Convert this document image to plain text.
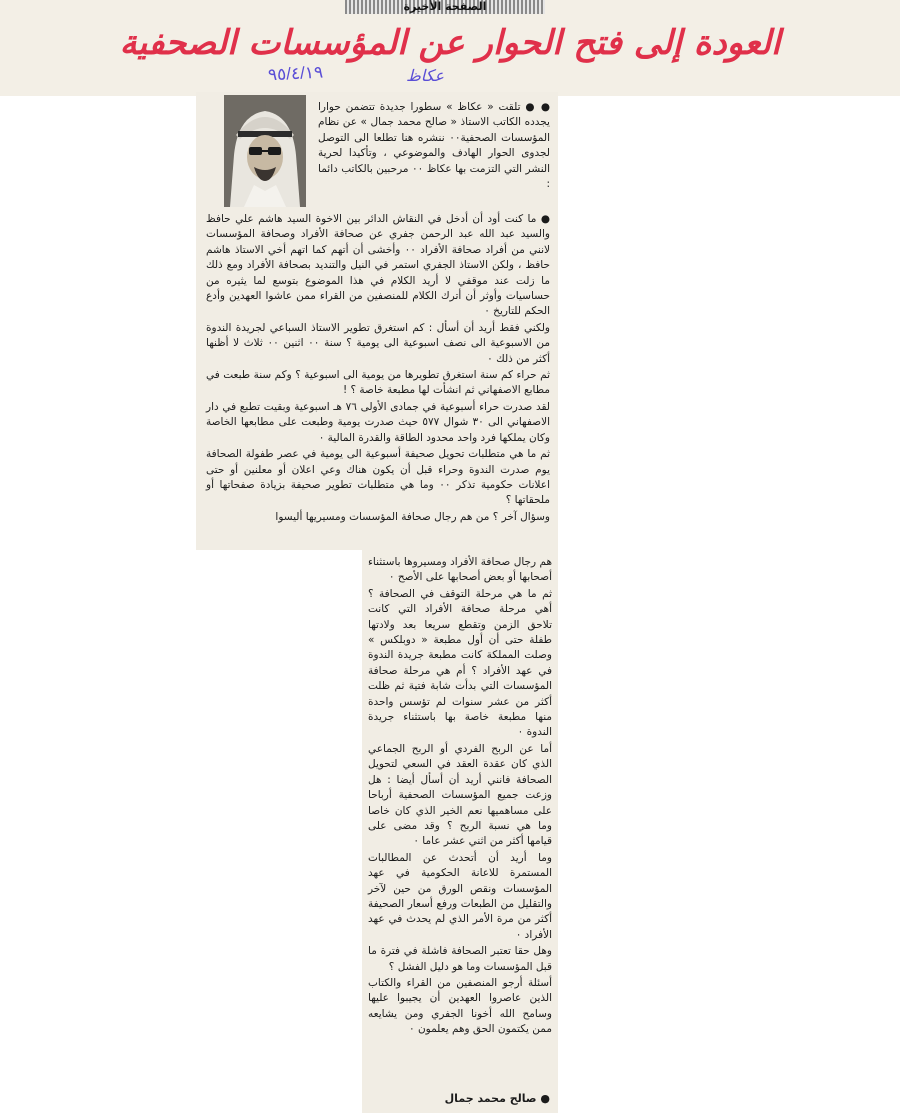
الصفحة الأخيرة
العودة إلى فتح الحوار عن المؤسسات الصحفية
٩٥/٤/١٩	عكاظ

● ● تلقت « عكاظ » سطورا جديدة تتضمن حوارا يجدده الكاتب الاستاذ « صالح محمد جمال » عن نظام المؤسسات الصحفية٠٠ ننشره هنا تطلعا الى التوصل لجدوى الحوار الهادف والموضوعي ، وتأكيدا لحرية النشر التي التزمت بها عكاظ ٠٠ مرحبين بالكاتب دائما :

● ما كنت أود أن أدخل في النقاش الدائر بين الاخوة السيد هاشم علي حافظ والسيد عبد الله عبد الرحمن جفري عن صحافة الأفراد وصحافة المؤسسات لانني من أفراد صحافة الأفراد ٠٠ وأخشى أن أتهم كما اتهم أخي الاستاذ هاشم حافظ ، ولكن الاستاذ الجفري استمر في النيل والتنديد بصحافة الأفراد ومع ذلك ما زلت عند موقفي لا أريد الكلام في هذا الموضوع بتوسع لما يثيره من حساسيات وأوثر أن أترك الكلام للمنصفين من القراء ممن عاشوا العهدين وأدع الحكم للتاريخ ٠
ولكني فقط أريد أن أسأل : كم استغرق تطوير الاستاذ السباعي لجريدة الندوة من الاسبوعية الى نصف اسبوعية الى يومية ؟ سنة ٠٠ اثنين ٠٠ ثلاث لا أظنها أكثر من ذلك ٠
ثم حراء كم سنة استغرق تطويرها من يومية الى اسبوعية ؟ وكم سنة طبعت في مطابع الاصفهاني ثم انشأت لها مطبعة خاصة ؟ !
لقد صدرت حراء أسبوعية في جمادى الأولى ٧٦ هـ اسبوعية وبقيت تطبع في دار الاصفهاني الى ٣٠ شوال ٥٧٧ حيث صدرت يومية وطبعت على مطابعها الخاصة وكان يملكها فرد واحد محدود الطاقة والقدرة المالية ٠
ثم ما هي متطلبات تحويل صحيفة أسبوعية الى يومية في عصر طفولة الصحافة يوم صدرت الندوة وحراء قبل أن يكون هناك وعي اعلان أو معلنين أو حتى اعلانات حكومية تذكر ٠٠ وما هي متطلبات تطوير صحيفة بزيادة صفحاتها أو ملحقاتها ؟
وسؤال آخر ؟ من هم رجال صحافة المؤسسات ومسيريها أليسوا
هم رجال صحافة الأفراد ومسيروها باستثناء أصحابها أو بعض أصحابها على الأصح ٠
ثم ما هي مرحلة التوقف في الصحافة ؟ أهي مرحلة صحافة الأفراد التي كانت تلاحق الزمن وتقطع سريعا بعد ولادتها طفلة حتى أن أول مطبعة « دوبلكس » وصلت المملكة كانت مطبعة جريدة الندوة في عهد الأفراد ؟ أم هي مرحلة صحافة المؤسسات التي بدأت شابة فتية ثم ظلت أكثر من عشر سنوات لم تؤسس واحدة منها مطبعة خاصة بها باستثناء جريدة الندوة ٠
أما عن الربح الفردي أو الربح الجماعي الذي كان عقدة العقد في السعي لتحويل الصحافة فانني أريد أن أسأل أيضا : هل وزعت جميع المؤسسات الصحفية أرباحا على مساهميها نعم الخير الذي كان خاصا وما هي نسبة الربح ؟ وقد مضى على قيامها أكثر من اثني عشر عاما ٠
وما أريد أن أتحدث عن المطالبات المستمرة للاعانة الحكومية في عهد المؤسسات ونقص الورق من حين لآخر والتقليل من الطبعات ورفع أسعار الصحيفة أكثر من مرة الأمر الذي لم يحدث في عهد الأفراد ٠
وهل حقا تعتبر الصحافة فاشلة في فترة ما قبل المؤسسات وما هو دليل الفشل ؟
أسئلة أرجو المنصفين من القراء والكتاب الذين عاصروا العهدين أن يجيبوا عليها وسامح الله أخونا الجفري ومن يشايعه ممن يكتمون الحق وهم يعلمون ٠

● صالح محمد جمال
